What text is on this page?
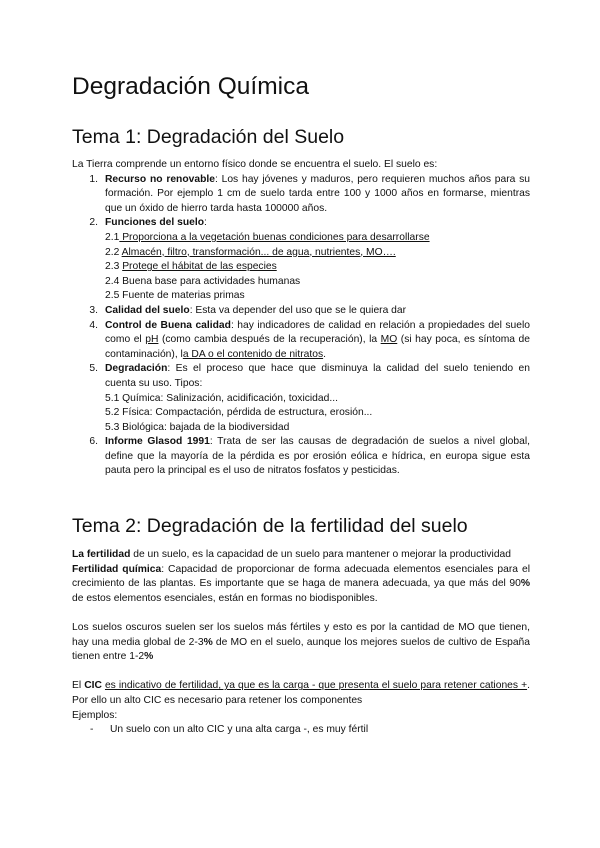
Degradación Química
Tema 1: Degradación del Suelo
La Tierra comprende un entorno físico donde se encuentra el suelo. El suelo es:
1. Recurso no renovable: Los hay jóvenes y maduros, pero requieren muchos años para su formación. Por ejemplo 1 cm de suelo tarda entre 100 y 1000 años en formarse, mientras que un óxido de hierro tarda hasta 100000 años.
2. Funciones del suelo:
2.1 Proporciona a la vegetación buenas condiciones para desarrollarse
2.2 Almacén, filtro, transformación... de agua, nutrientes, MO….
2.3 Protege el hábitat de las especies
2.4 Buena base para actividades humanas
2.5 Fuente de materias primas
3. Calidad del suelo: Esta va depender del uso que se le quiera dar
4. Control de Buena calidad: hay indicadores de calidad en relación a propiedades del suelo como el pH (como cambia después de la recuperación), la MO (si hay poca, es síntoma de contaminación), la DA o el contenido de nitratos.
5. Degradación: Es el proceso que hace que disminuya la calidad del suelo teniendo en cuenta su uso. Tipos:
5.1 Química: Salinización, acidificación, toxicidad...
5.2 Física: Compactación, pérdida de estructura, erosión...
5.3 Biológica: bajada de la biodiversidad
6. Informe Glasod 1991: Trata de ser las causas de degradación de suelos a nivel global, define que la mayoría de la pérdida es por erosión eólica e hídrica, en europa sigue esta pauta pero la principal es el uso de nitratos fosfatos y pesticidas.
Tema 2: Degradación de la fertilidad del suelo
La fertilidad de un suelo, es la capacidad de un suelo para mantener o mejorar la productividad
Fertilidad química: Capacidad de proporcionar de forma adecuada elementos esenciales para el crecimiento de las plantas. Es importante que se haga de manera adecuada, ya que más del 90% de estos elementos esenciales, están en formas no biodisponibles.
Los suelos oscuros suelen ser los suelos más fértiles y esto es por la cantidad de MO que tienen, hay una media global de 2-3% de MO en el suelo, aunque los mejores suelos de cultivo de España tienen entre 1-2%
El CIC es indicativo de fertilidad, ya que es la carga - que presenta el suelo para retener cationes +. Por ello un alto CIC es necesario para retener los componentes
Ejemplos:
- Un suelo con un alto CIC y una alta carga -, es muy fértil
